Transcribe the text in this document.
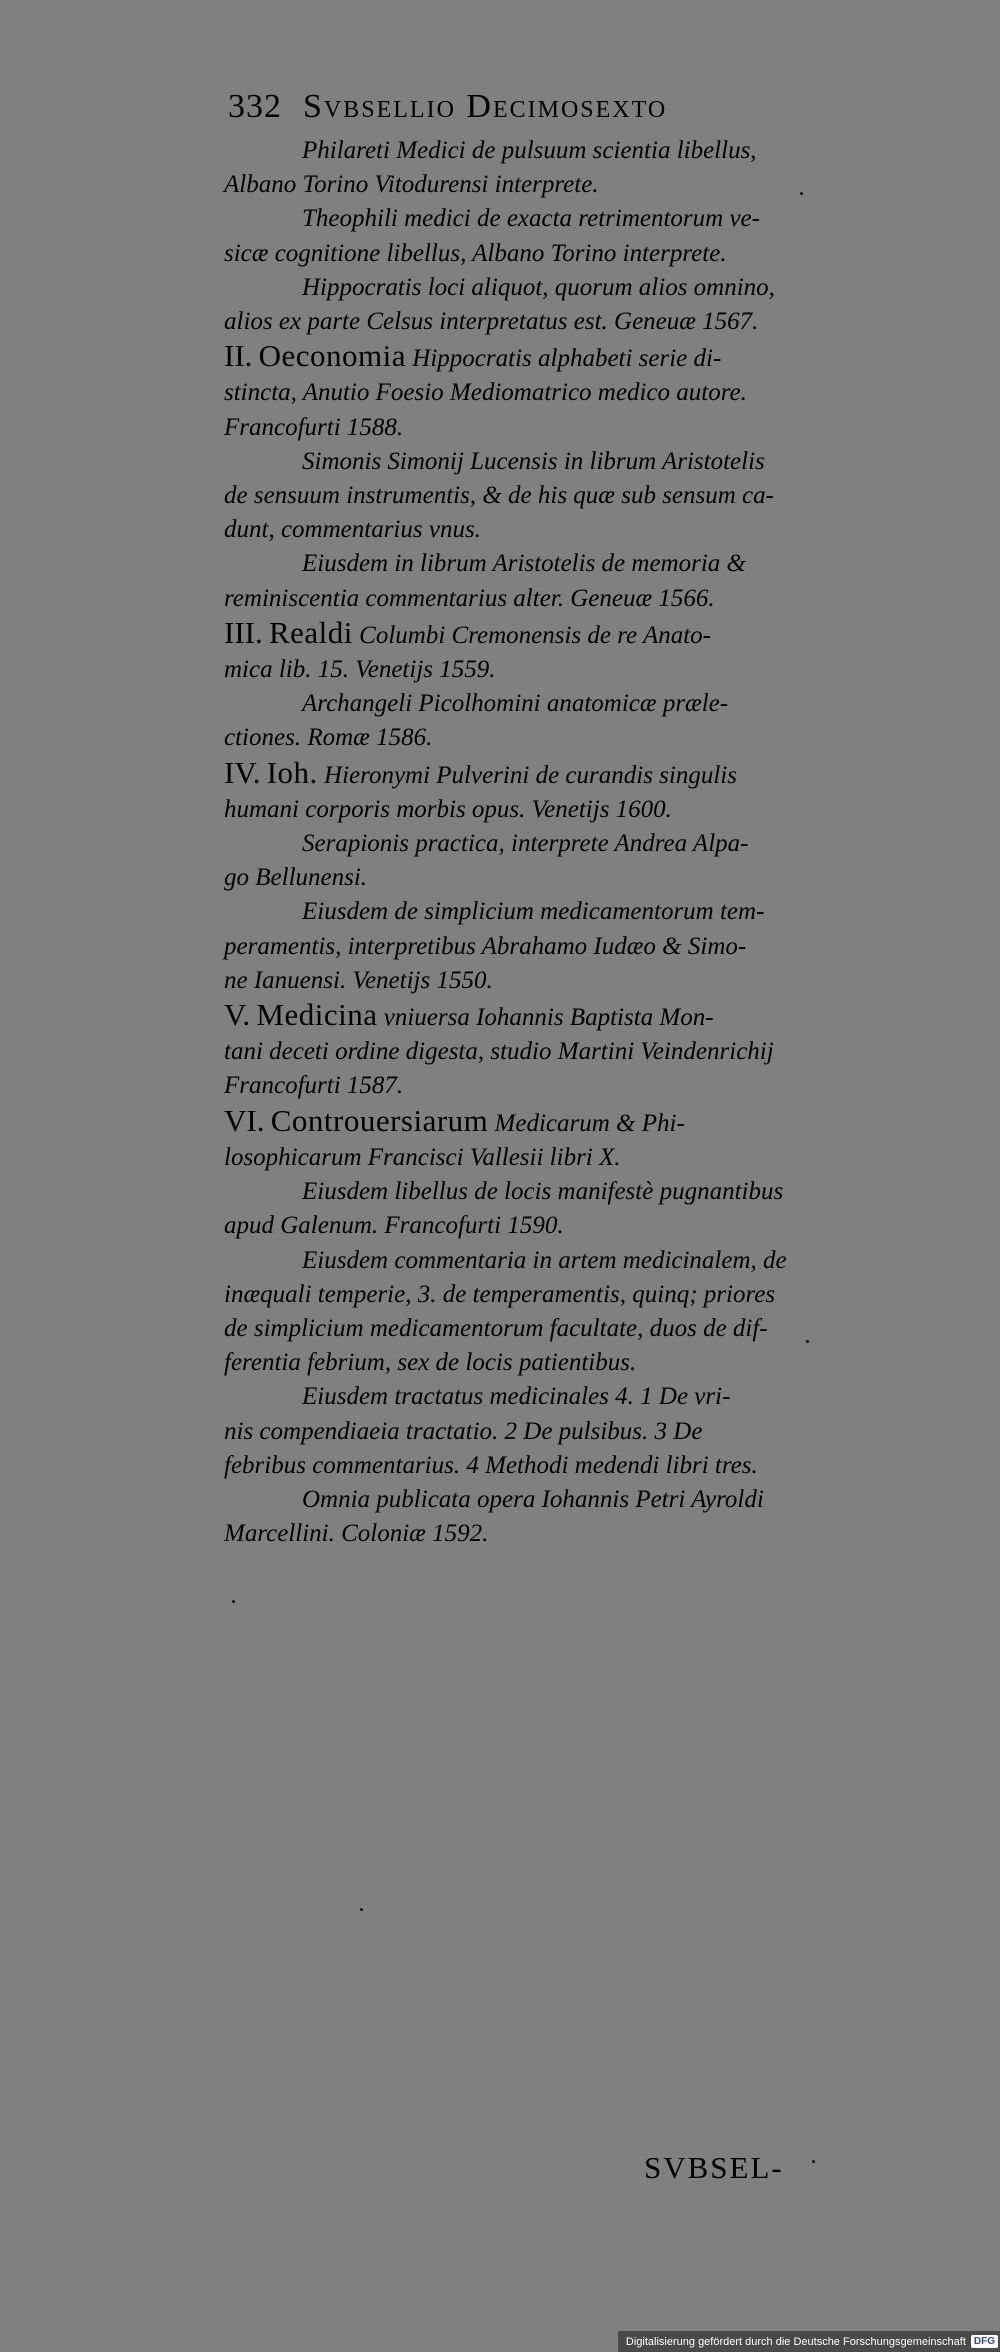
332 Svbsellio Decimosexto
Philareti Medici de pulsuum scientia libellus,
Albano Torino Vitodurensi interprete.
Theophili medici de exacta retrimentorum ve-
sicæ cognitione libellus, Albano Torino interprete.
Hippocratis loci aliquot, quorum alios omnino,
alios ex parte Celsus interpretatus est. Geneuæ 1567.
II. Oeconomia Hippocratis alphabeti serie di-
stincta, Anutio Foesio Mediomatrico medico autore.
Francofurti 1588.
Simonis Simonij Lucensis in librum Aristotelis
de sensuum instrumentis, & de his quæ sub sensum ca-
dunt, commentarius vnus.
Eiusdem in librum Aristotelis de memoria &
reminiscentia commentarius alter. Geneuæ 1566.
III. Realdi Columbi Cremonensis de re Anato-
mica lib. 15. Venetijs 1559.
Archangeli Picolhomini anatomicæ præle-
ctiones. Romæ 1586.
IV. Ioh. Hieronymi Pulverini de curandis singulis
humani corporis morbis opus. Venetijs 1600.
Serapionis practica, interprete Andrea Alpa-
go Bellunensi.
Eiusdem de simplicium medicamentorum tem-
peramentis, interpretibus Abrahamo Iudæo & Simo-
ne Ianuensi. Venetijs 1550.
V. Medicina vniuersa Iohannis Baptista Mon-
tani deceti ordine digesta, studio Martini Veindenrichij
Francofurti 1587.
VI. Controuersiarum Medicarum & Phi-
losophicarum Francisci Vallesii libri X.
Eiusdem libellus de locis manifestè pugnantibus
apud Galenum. Francofurti 1590.
Eiusdem commentaria in artem medicinalem, de
inæquali temperie, 3. de temperamentis, quinq; priores
de simplicium medicamentorum facultate, duos de dif-
ferentia febrium, sex de locis patientibus.
Eiusdem tractatus medicinales 4. 1 De vri-
nis compendiaeia tractatio. 2 De pulsibus. 3 De
febribus commentarius. 4 Methodi medendi libri tres.
Omnia publicata opera Iohannis Petri Ayroldi
Marcellini. Coloniæ 1592.
SVBSEL-
Digitalisierung gefördert durch die Deutsche Forschungsgemeinschaft DFG
